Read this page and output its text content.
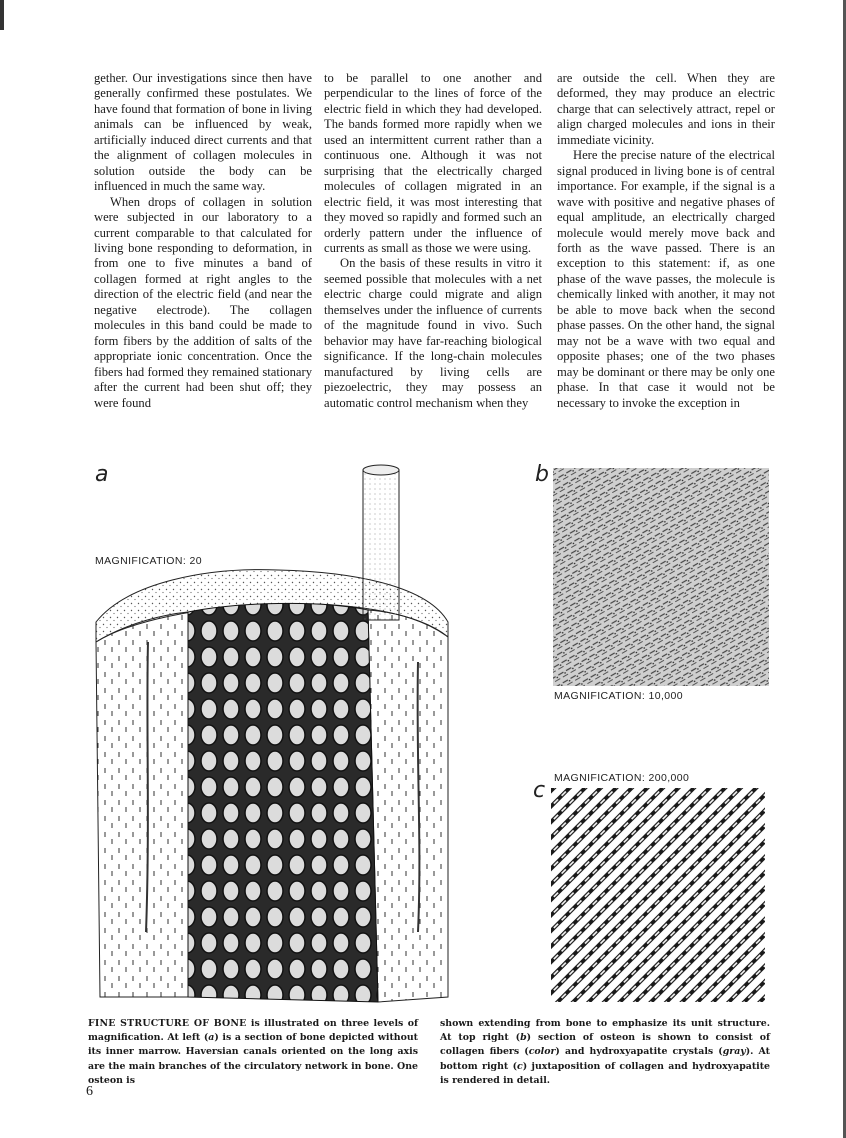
gether. Our investigations since then have generally confirmed these postulates. We have found that formation of bone in living animals can be influenced by weak, artificially induced direct currents and that the alignment of collagen molecules in solution outside the body can be influenced in much the same way.

When drops of collagen in solution were subjected in our laboratory to a current comparable to that calculated for living bone responding to deformation, in from one to five minutes a band of collagen formed at right angles to the direction of the electric field (and near the negative electrode). The collagen molecules in this band could be made to form fibers by the addition of salts of the appropriate ionic concentration. Once the fibers had formed they remained stationary after the current had been shut off; they were found

to be parallel to one another and perpendicular to the lines of force of the electric field in which they had developed. The bands formed more rapidly when we used an intermittent current rather than a continuous one. Although it was not surprising that the electrically charged molecules of collagen migrated in an electric field, it was most interesting that they moved so rapidly and formed such an orderly pattern under the influence of currents as small as those we were using.

On the basis of these results in vitro it seemed possible that molecules with a net electric charge could migrate and align themselves under the influence of currents of the magnitude found in vivo. Such behavior may have far-reaching biological significance. If the long-chain molecules manufactured by living cells are piezoelectric, they may possess an automatic control mechanism when they

are outside the cell. When they are deformed, they may produce an electric charge that can selectively attract, repel or align charged molecules and ions in their immediate vicinity.

Here the precise nature of the electrical signal produced in living bone is of central importance. For example, if the signal is a wave with positive and negative phases of equal amplitude, an electrically charged molecule would merely move back and forth as the wave passed. There is an exception to this statement: if, as one phase of the wave passes, the molecule is chemically linked with another, it may not be able to move back when the second phase passes. On the other hand, the signal may not be a wave with two equal and opposite phases; one of the two phases may be dominant or there may be only one phase. In that case it would not be necessary to invoke the exception in

a
MAGNIFICATION: 20
b
MAGNIFICATION: 10,000
MAGNIFICATION: 200,000
c
FINE STRUCTURE OF BONE is illustrated on three levels of magnification. At left (a) is a section of bone depicted without its inner marrow. Haversian canals oriented on the long axis are the main branches of the circulatory network in bone. One osteon is
shown extending from bone to emphasize its unit structure. At top right (b) section of osteon is shown to consist of collagen fibers (color) and hydroxyapatite crystals (gray). At bottom right (c) juxtaposition of collagen and hydroxyapatite is rendered in detail.
6
